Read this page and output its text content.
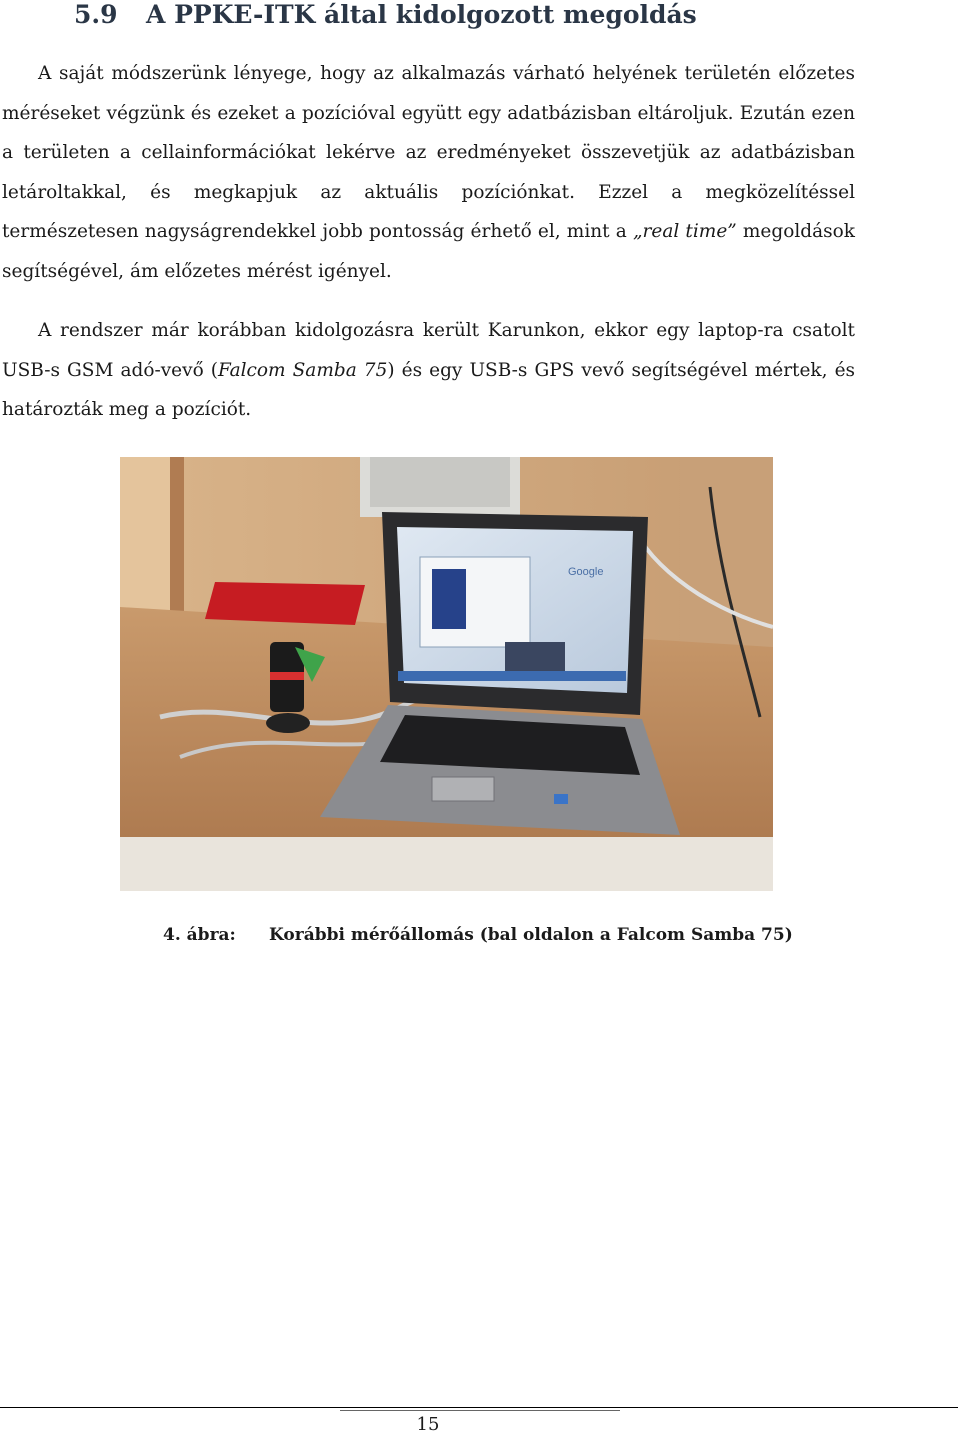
5.9 A PPKE-ITK által kidolgozott megoldás
A saját módszerünk lényege, hogy az alkalmazás várható helyének területén előzetes méréseket végzünk és ezeket a pozícióval együtt egy adatbázisban eltároljuk. Ezután ezen a területen a cellainformációkat lekérve az eredményeket összevetjük az adatbázisban letároltakkal, és megkapjuk az aktuális pozíciónkat. Ezzel a megközelítéssel természetesen nagyságrendekkel jobb pontosság érhető el, mint a „real time” megoldások segítségével, ám előzetes mérést igényel.
A rendszer már korábban kidolgozásra került Karunkon, ekkor egy laptop-ra csatolt USB-s GSM adó-vevő (Falcom Samba 75) és egy USB-s GPS vevő segítségével mértek, és határozták meg a pozíciót.
Google
4. ábra: Korábbi mérőállomás (bal oldalon a Falcom Samba 75)
15
